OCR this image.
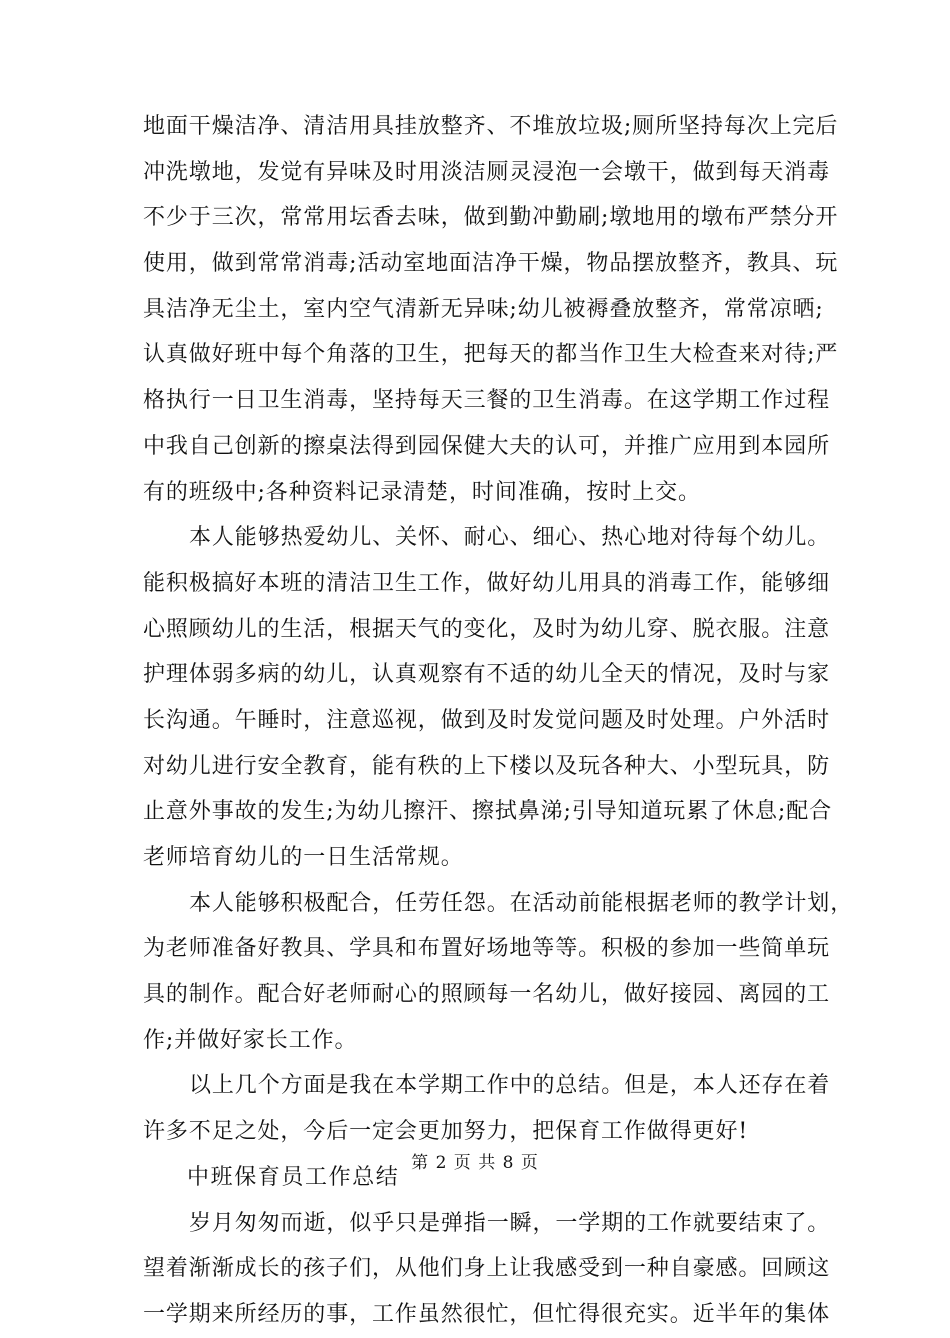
地面干燥洁净、清洁用具挂放整齐、不堆放垃圾;厕所坚持每次上完后
冲洗墩地，发觉有异味及时用淡洁厕灵浸泡一会墩干，做到每天消毒
不少于三次，常常用坛香去味，做到勤冲勤刷;墩地用的墩布严禁分开
使用，做到常常消毒;活动室地面洁净干燥，物品摆放整齐，教具、玩
具洁净无尘土，室内空气清新无异味;幼儿被褥叠放整齐，常常凉晒;
认真做好班中每个角落的卫生，把每天的都当作卫生大检查来对待;严
格执行一日卫生消毒，坚持每天三餐的卫生消毒。在这学期工作过程
中我自己创新的擦桌法得到园保健大夫的认可，并推广应用到本园所
有的班级中;各种资料记录清楚，时间准确，按时上交。
本人能够热爱幼儿、关怀、耐心、细心、热心地对待每个幼儿。
能积极搞好本班的清洁卫生工作，做好幼儿用具的消毒工作，能够细
心照顾幼儿的生活，根据天气的变化，及时为幼儿穿、脱衣服。注意
护理体弱多病的幼儿，认真观察有不适的幼儿全天的情况，及时与家
长沟通。午睡时，注意巡视，做到及时发觉问题及时处理。户外活时
对幼儿进行安全教育，能有秩的上下楼以及玩各种大、小型玩具，防
止意外事故的发生;为幼儿擦汗、擦拭鼻涕;引导知道玩累了休息;配合
老师培育幼儿的一日生活常规。
本人能够积极配合，任劳任怨。在活动前能根据老师的教学计划，
为老师准备好教具、学具和布置好场地等等。积极的参加一些简单玩
具的制作。配合好老师耐心的照顾每一名幼儿，做好接园、离园的工
作;并做好家长工作。
以上几个方面是我在本学期工作中的总结。但是，本人还存在着
许多不足之处，今后一定会更加努力，把保育工作做得更好!
中班保育员工作总结
岁月匆匆而逝，似乎只是弹指一瞬，一学期的工作就要结束了。
望着渐渐成长的孩子们，从他们身上让我感受到一种自豪感。回顾这
一学期来所经历的事，工作虽然很忙，但忙得很充实。近半年的集体
第 2 页 共 8 页
